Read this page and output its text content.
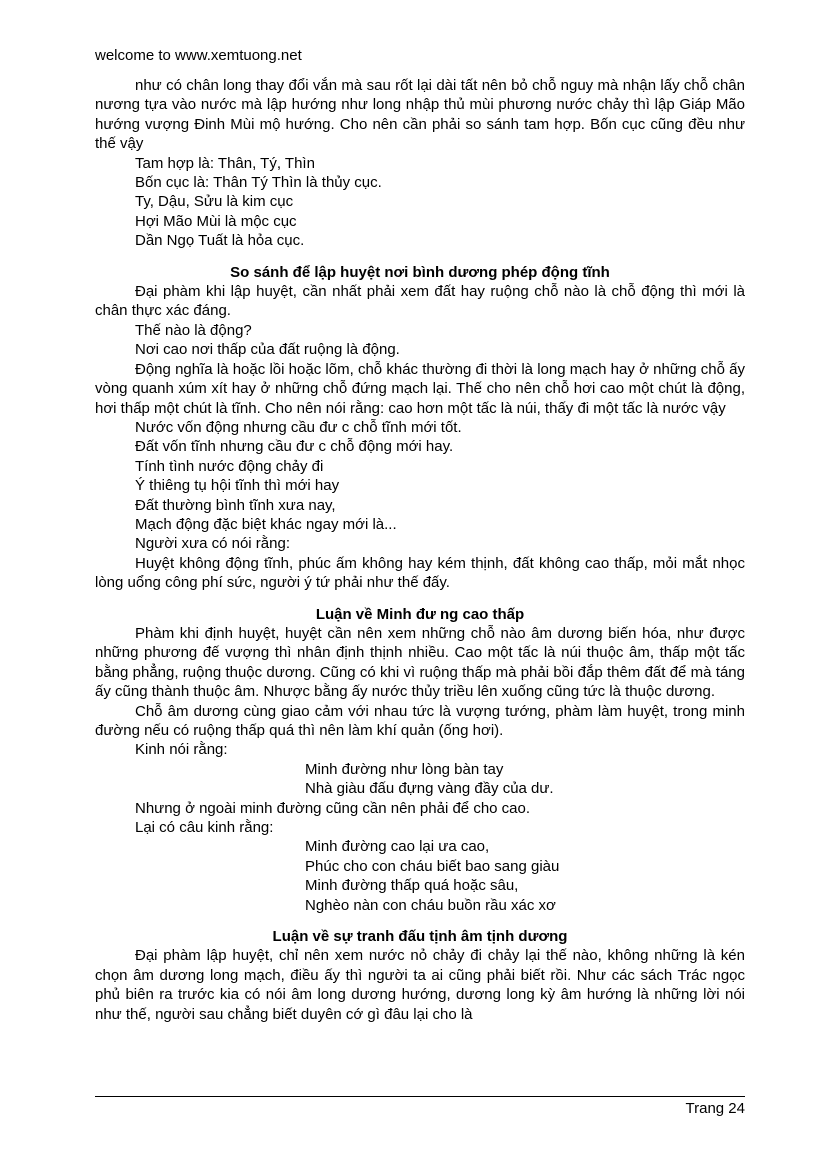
welcome to www.xemtuong.net

như có chân long thay đổi vắn mà sau rốt lại dài tất nên bỏ chỗ nguy mà nhận lấy chỗ chân nương tựa vào nước mà lập hướng như long nhập thủ mùi phương nước chảy thì lập Giáp Mão hướng vượng Đinh Mùi mộ hướng. Cho nên cần phải so sánh tam hợp. Bốn cục cũng đều như thế vậy

Tam hợp là: Thân, Tý, Thìn

Bốn cục là: Thân Tý Thìn là thủy cục.

Ty, Dậu, Sửu là kim cục

Hợi Mão Mùi là mộc cục

Dần Ngọ Tuất là hỏa cục.

So sánh để lập huyệt nơi bình dương phép động tĩnh

Đại phàm khi lập huyệt, cần nhất phải xem đất hay ruộng chỗ nào là chỗ động thì mới là chân thực xác đáng.

Thế nào là động?

Nơi cao nơi thấp của đất ruộng là động.

Động nghĩa là hoặc lồi hoặc lõm, chỗ khác thường đi thời là long mạch hay ở những chỗ ấy vòng quanh xúm xít hay ở những chỗ đứng mạch lại. Thế cho nên chỗ hơi cao một chút là động, hơi thấp một chút là tĩnh. Cho nên nói rằng: cao hơn một tấc là núi, thấy đi một tấc là nước vậy

Nước vốn động nhưng cầu đư c chỗ tĩnh mới tốt.

Đất vốn tĩnh nhưng cầu đư c chỗ động mới hay.

Tính tình nước động chảy đi

Ý thiêng tụ hội tĩnh thì mới hay

Đất thường bình tĩnh xưa nay,

Mạch động đặc biệt khác ngay mới là...

Người xưa có nói rằng:

Huyệt không động tĩnh, phúc ấm không hay kém thịnh, đất không cao thấp, mỏi mắt nhọc lòng uổng công phí sức, người ý tứ phải như thế đấy.

Luận về Minh đư ng cao thấp

Phàm khi định huyệt, huyệt cần nên xem những chỗ nào âm dương biến hóa, như được những phương đế vượng thì nhân định thịnh nhiều. Cao một tấc là núi thuộc âm, thấp một tấc bằng phẳng, ruộng thuộc dương. Cũng có khi vì ruộng thấp mà phải bồi đắp thêm đất để mà táng ấy cũng thành thuộc âm. Nhược bằng ấy nước thủy triều lên xuống cũng tức là thuộc dương.

Chỗ âm dương cùng giao cảm với nhau tức là vượng tướng, phàm làm huyệt, trong minh đường nếu có ruộng thấp quá thì nên làm khí quản (ống hơi).

Kinh nói rằng:

Minh đường như lòng bàn tay

Nhà giàu đấu đựng vàng đầy của dư.

Nhưng ở ngoài minh đường cũng cần nên phải để cho cao.

Lại có câu kinh rằng:

Minh đường cao lại ưa cao,

Phúc cho con cháu biết bao sang giàu

Minh đường thấp quá hoặc sâu,

Nghèo nàn con cháu buồn rầu xác xơ

Luận về sự tranh đấu tịnh âm tịnh dương

Đại phàm lập huyệt, chỉ nên xem nước nỏ chảy đi chảy lại thế nào, không những là kén chọn âm dương long mạch, điều ấy thì người ta ai cũng phải biết rồi. Như các sách Trác ngọc phủ biên ra trước kia có nói âm long dương hướng, dương long kỳ âm hướng là những lời nói như thế, người sau chẳng biết duyên cớ gì đâu lại cho là

Trang 24
